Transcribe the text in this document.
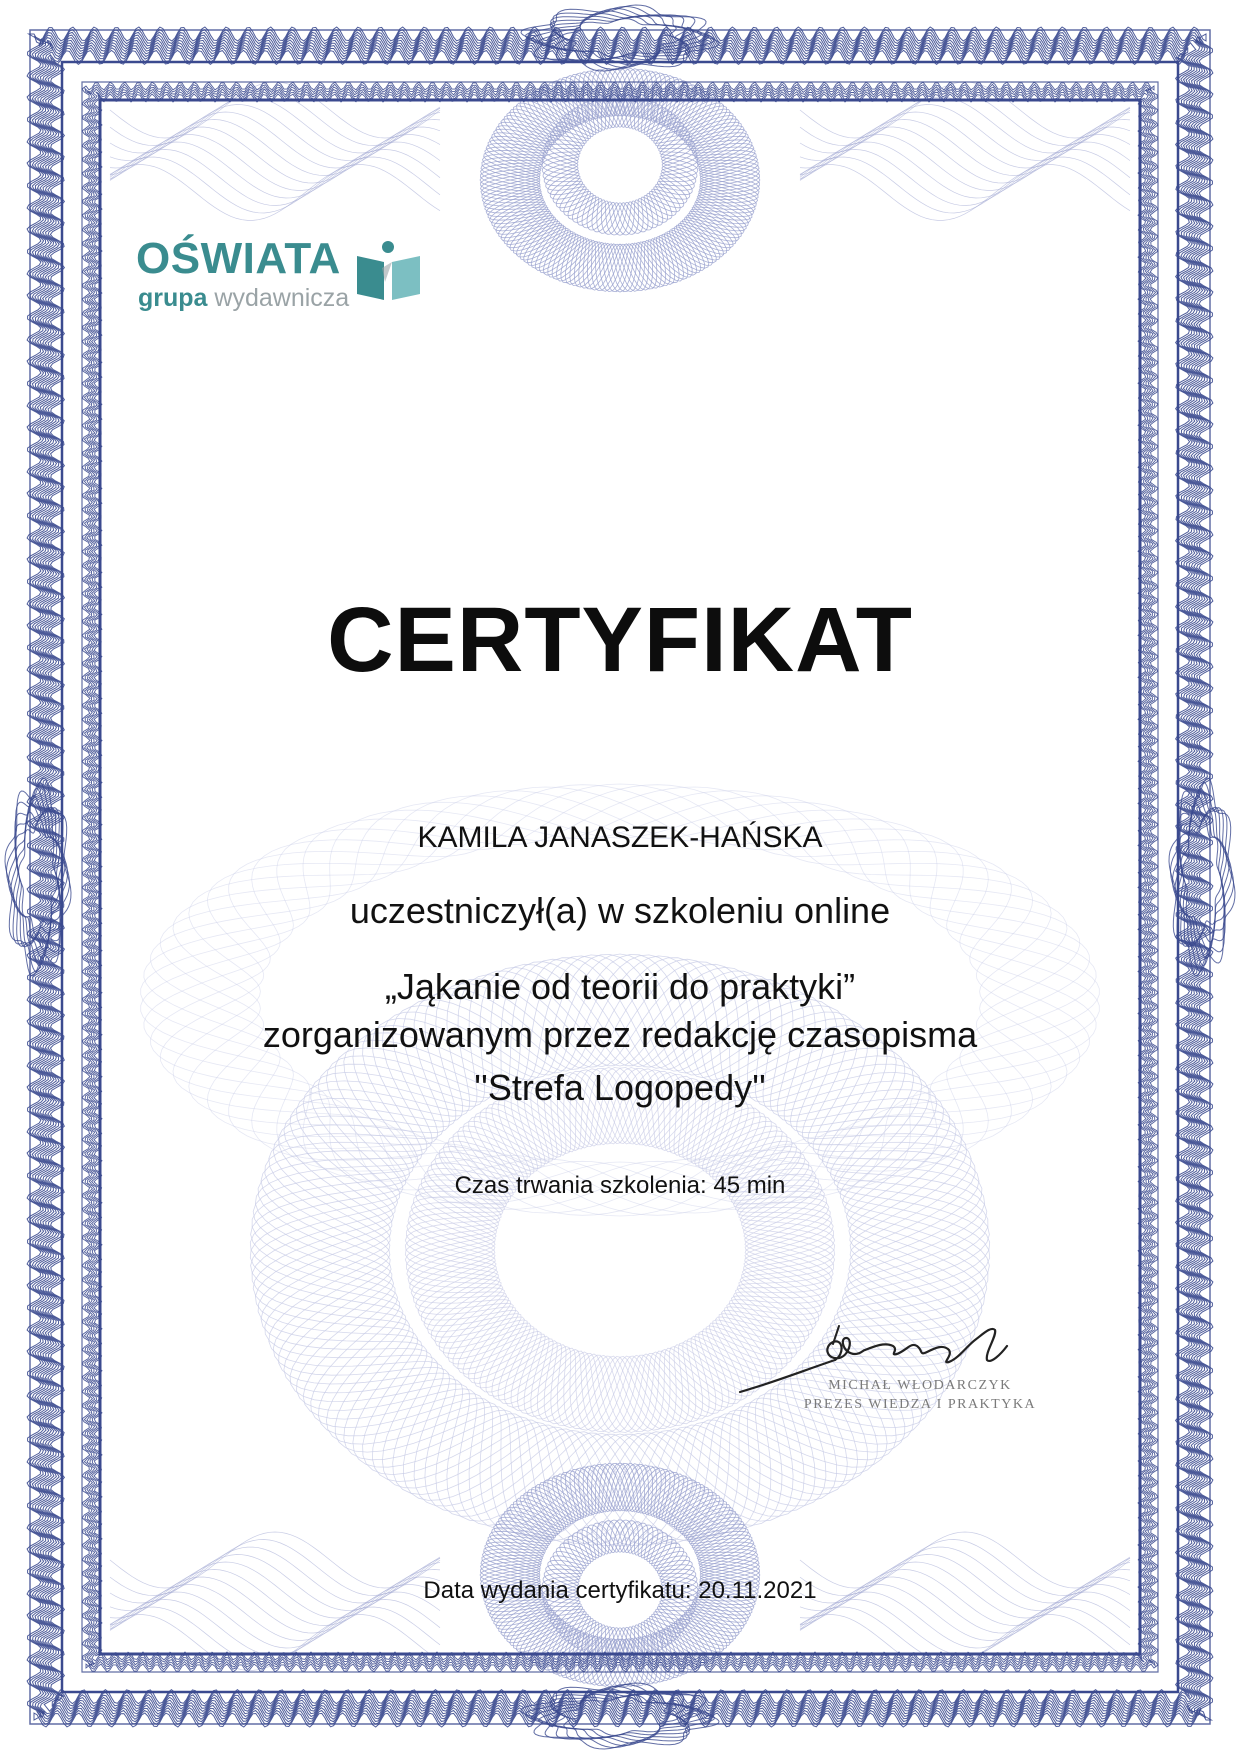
OŚWIATA
grupa wydawnicza
CERTYFIKAT
KAMILA JANASZEK-HAŃSKA
uczestniczył(a) w szkoleniu online
„Jąkanie od teorii do praktyki”
zorganizowanym przez redakcję czasopisma
''Strefa Logopedy''
Czas trwania szkolenia: 45 min
MICHAŁ WŁODARCZYK
PREZES WIEDZA I PRAKTYKA
Data wydania certyfikatu: 20.11.2021
